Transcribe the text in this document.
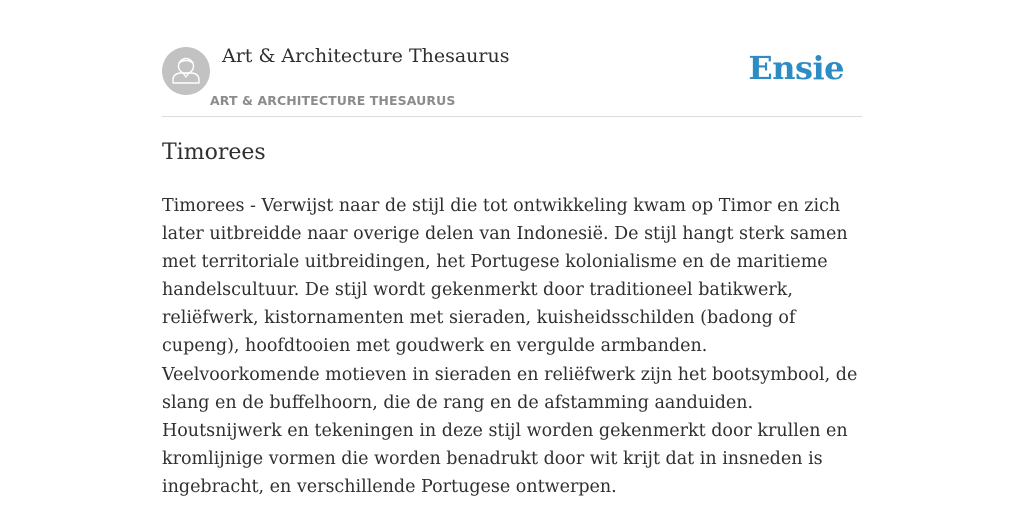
Art & Architecture Thesaurus
ART & ARCHITECTURE THESAURUS
Ensie
Timorees

Timorees - Verwijst naar de stijl die tot ontwikkeling kwam op Timor en zich later uitbreidde naar overige delen van Indonesië. De stijl hangt sterk samen met territoriale uitbreidingen, het Portugese kolonialisme en de maritieme handelscultuur. De stijl wordt gekenmerkt door traditioneel batikwerk, reliëfwerk, kistornamenten met sieraden, kuisheidsschilden (badong of cupeng), hoofdtooien met goudwerk en vergulde armbanden. Veelvoorkomende motieven in sieraden en reliëfwerk zijn het bootsymbool, de slang en de buffelhoorn, die de rang en de afstamming aanduiden. Houtsnijwerk en tekeningen in deze stijl worden gekenmerkt door krullen en kromlijnige vormen die worden benadrukt door wit krijt dat in insneden is ingebracht, en verschillende Portugese ontwerpen.
